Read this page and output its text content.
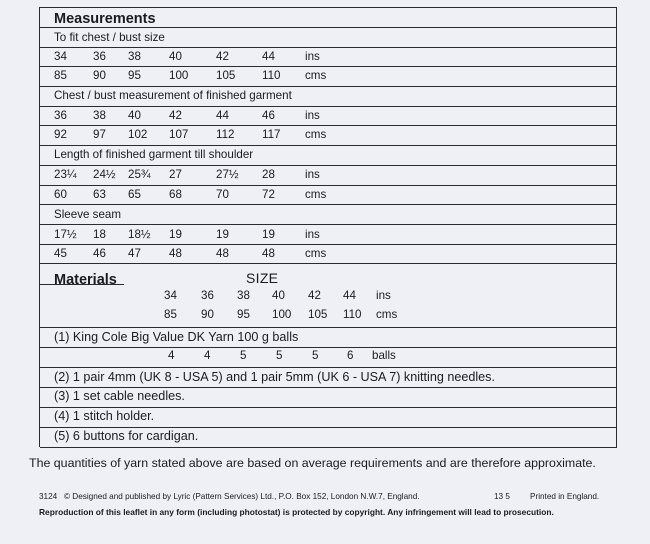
34 36 38 40	42	44	ins
85 90 95 100 105 110 cms
36 38 40 42	44	46	ins
92 97 102 107 112 117 cms
23¼ 24½ 25¾ 27	27½ 28	ins
60 63 65 68	70	72	cms
17½ 18 18½ 19	19	19	ins
45 46 47 48	48	48	cms
34 36 38 40 42 44 ins
85 90 95 100 105 110 cms
4	4	5	5	5 6 balls
Measurements
Materials	SIZE
To fit chest / bust size
Chest / bust measurement of finished garment
Length of finished garment till shoulder
Sleeve seam
(1) King Cole Big Value DK Yarn 100 g balls
(2) 1 pair 4mm (UK 8 - USA 5) and 1 pair 5mm (UK 6 - USA 7) knitting needles.
(3) 1 set cable needles.
(4) 1 stitch holder.
(5) 6 buttons for cardigan.
The quantities of yarn stated above are based on average requirements and are therefore approximate.
3124 © Designed and published by Lyric (Pattern Services) Ltd., P.O. Box 152, London N.W.7, England.	13 5 Printed in England.
Reproduction of this leaflet in any form (including photostat) is protected by copyright. Any infringement will lead to prosecution.
